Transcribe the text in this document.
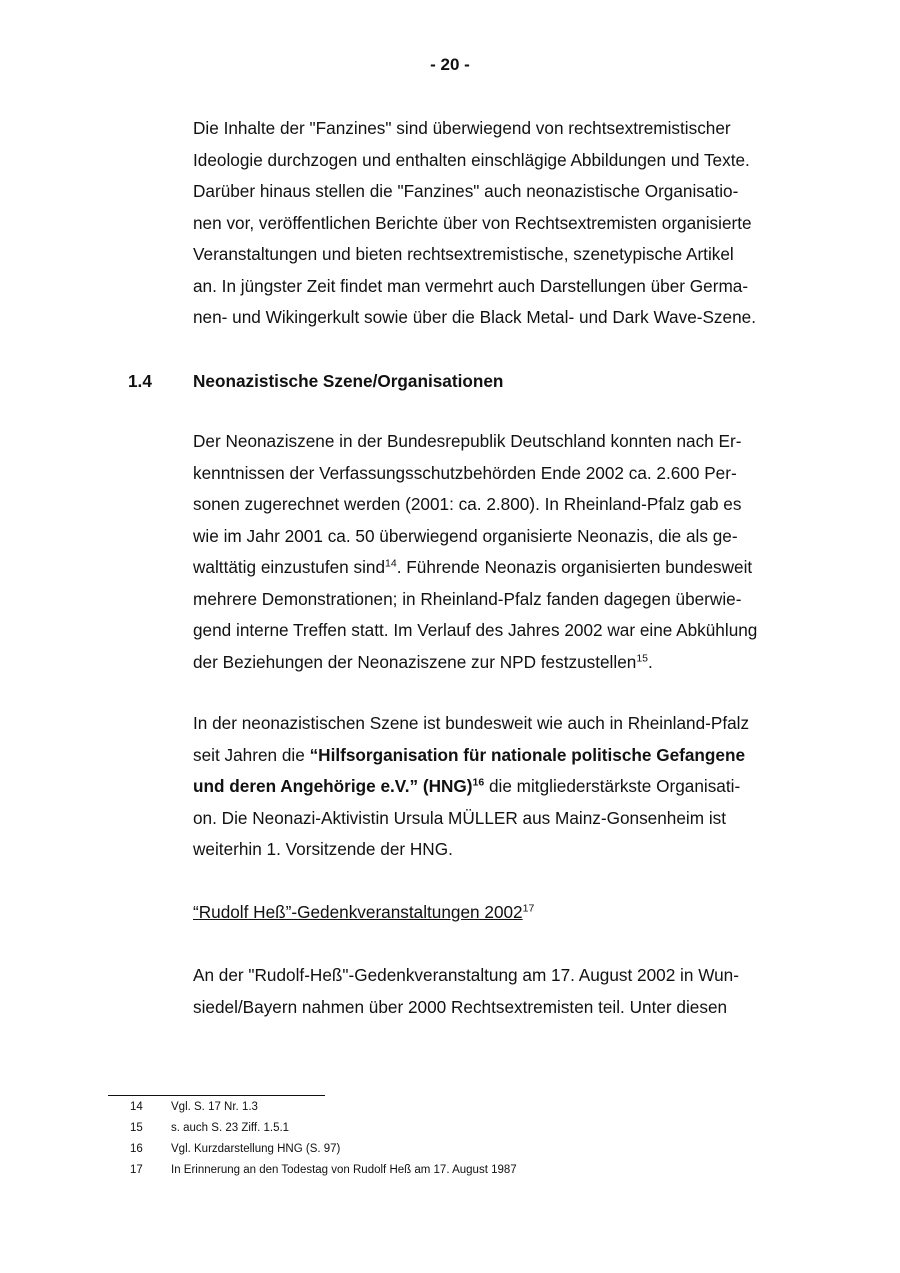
- 20 -

Die Inhalte der "Fanzines" sind überwiegend von rechtsextremistischer

Ideologie durchzogen und enthalten einschlägige Abbildungen und Texte.

Darüber hinaus stellen die "Fanzines" auch neonazistische Organisatio-

nen vor, veröffentlichen Berichte über von Rechtsextremisten organisierte

Veranstaltungen und bieten rechtsextremistische, szenetypische Artikel

an. In jüngster Zeit findet man vermehrt auch Darstellungen über Germa-

nen- und Wikingerkult sowie über die Black Metal- und Dark Wave-Szene.

1.4 Neonazistische Szene/Organisationen

Der Neonaziszene in der Bundesrepublik Deutschland konnten nach Er-

kenntnissen der Verfassungsschutzbehörden Ende 2002 ca. 2.600 Per-

sonen zugerechnet werden (2001: ca. 2.800). In Rheinland-Pfalz gab es

wie im Jahr 2001 ca. 50 überwiegend organisierte Neonazis, die als ge-

walttätig einzustufen sind$^{14}$. Führende Neonazis organisierten bundesweit

mehrere Demonstrationen; in Rheinland-Pfalz fanden dagegen überwie-

gend interne Treffen statt. Im Verlauf des Jahres 2002 war eine Abkühlung

der Beziehungen der Neonaziszene zur NPD festzustellen$^{15}$.

In der neonazistischen Szene ist bundesweit wie auch in Rheinland-Pfalz

seit Jahren die “Hilfsorganisation für nationale politische Gefangene

und deren Angehörige e.V.” (HNG)$^{16}$ die mitgliederstärkste Organisati-

on. Die Neonazi-Aktivistin Ursula MÜLLER aus Mainz-Gonsenheim ist

weiterhin 1. Vorsitzende der HNG.

“Rudolf Heß”-Gedenkveranstaltungen 2002$^{17}$

An der "Rudolf-Heß"-Gedenkveranstaltung am 17. August 2002 in Wun-

siedel/Bayern nahmen über 2000 Rechtsextremisten teil. Unter diesen

14 Vgl. S. 17 Nr. 1.3
15 s. auch S. 23 Ziff. 1.5.1
16 Vgl. Kurzdarstellung HNG (S. 97)
17 In Erinnerung an den Todestag von Rudolf Heß am 17. August 1987
